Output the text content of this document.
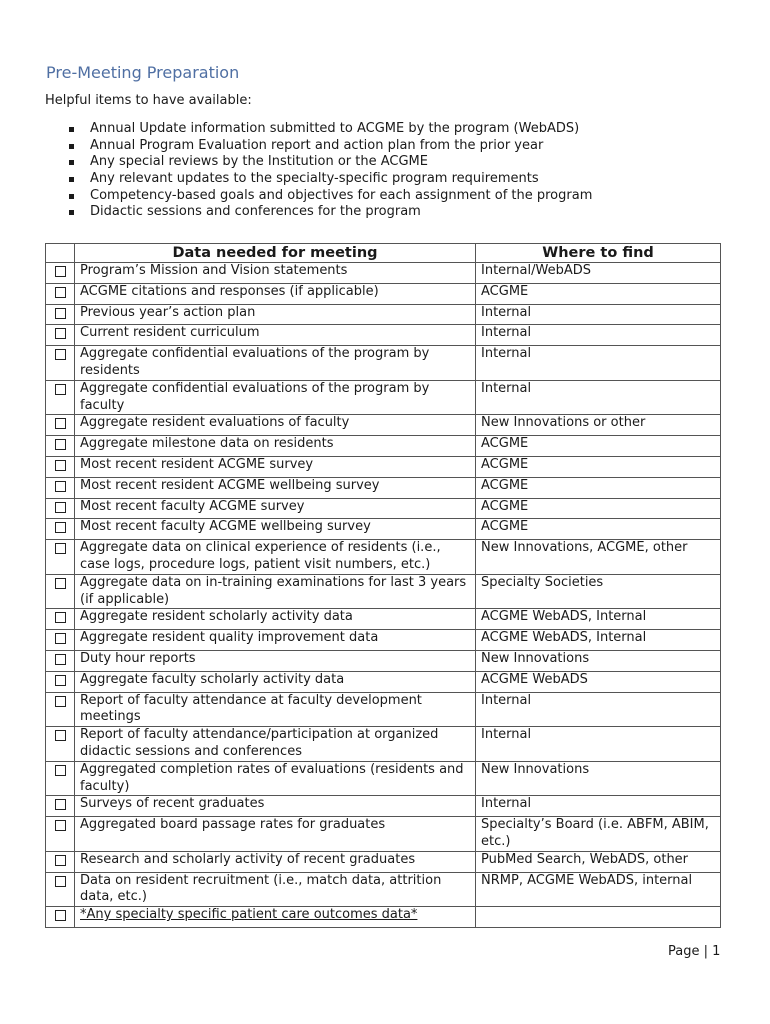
Pre-Meeting Preparation
Helpful items to have available:
Annual Update information submitted to ACGME by the program (WebADS)
Annual Program Evaluation report and action plan from the prior year
Any special reviews by the Institution or the ACGME
Any relevant updates to the specialty-specific program requirements
Competency-based goals and objectives for each assignment of the program
Didactic sessions and conferences for the program
	Data needed for meeting	Where to find
	Program’s Mission and Vision statements	Internal/WebADS
	ACGME citations and responses (if applicable)	ACGME
	Previous year’s action plan	Internal
	Current resident curriculum	Internal
	Aggregate confidential evaluations of the program by residents	Internal
	Aggregate confidential evaluations of the program by faculty	Internal
	Aggregate resident evaluations of faculty	New Innovations or other
	Aggregate milestone data on residents	ACGME
	Most recent resident ACGME survey	ACGME
	Most recent resident ACGME wellbeing survey	ACGME
	Most recent faculty ACGME survey	ACGME
	Most recent faculty ACGME wellbeing survey	ACGME
	Aggregate data on clinical experience of residents (i.e., case logs, procedure logs, patient visit numbers, etc.)	New Innovations, ACGME, other
	Aggregate data on in-training examinations for last 3 years (if applicable)	Specialty Societies
	Aggregate resident scholarly activity data	ACGME WebADS, Internal
	Aggregate resident quality improvement data	ACGME WebADS, Internal
	Duty hour reports	New Innovations
	Aggregate faculty scholarly activity data	ACGME WebADS
	Report of faculty attendance at faculty development meetings	Internal
	Report of faculty attendance/participation at organized didactic sessions and conferences	Internal
	Aggregated completion rates of evaluations (residents and faculty)	New Innovations
	Surveys of recent graduates	Internal
	Aggregated board passage rates for graduates	Specialty’s Board (i.e. ABFM, ABIM, etc.)
	Research and scholarly activity of recent graduates	PubMed Search, WebADS, other
	Data on resident recruitment (i.e., match data, attrition data, etc.)	NRMP, ACGME WebADS, internal
	*Any specialty specific patient care outcomes data*	
Page | 1
